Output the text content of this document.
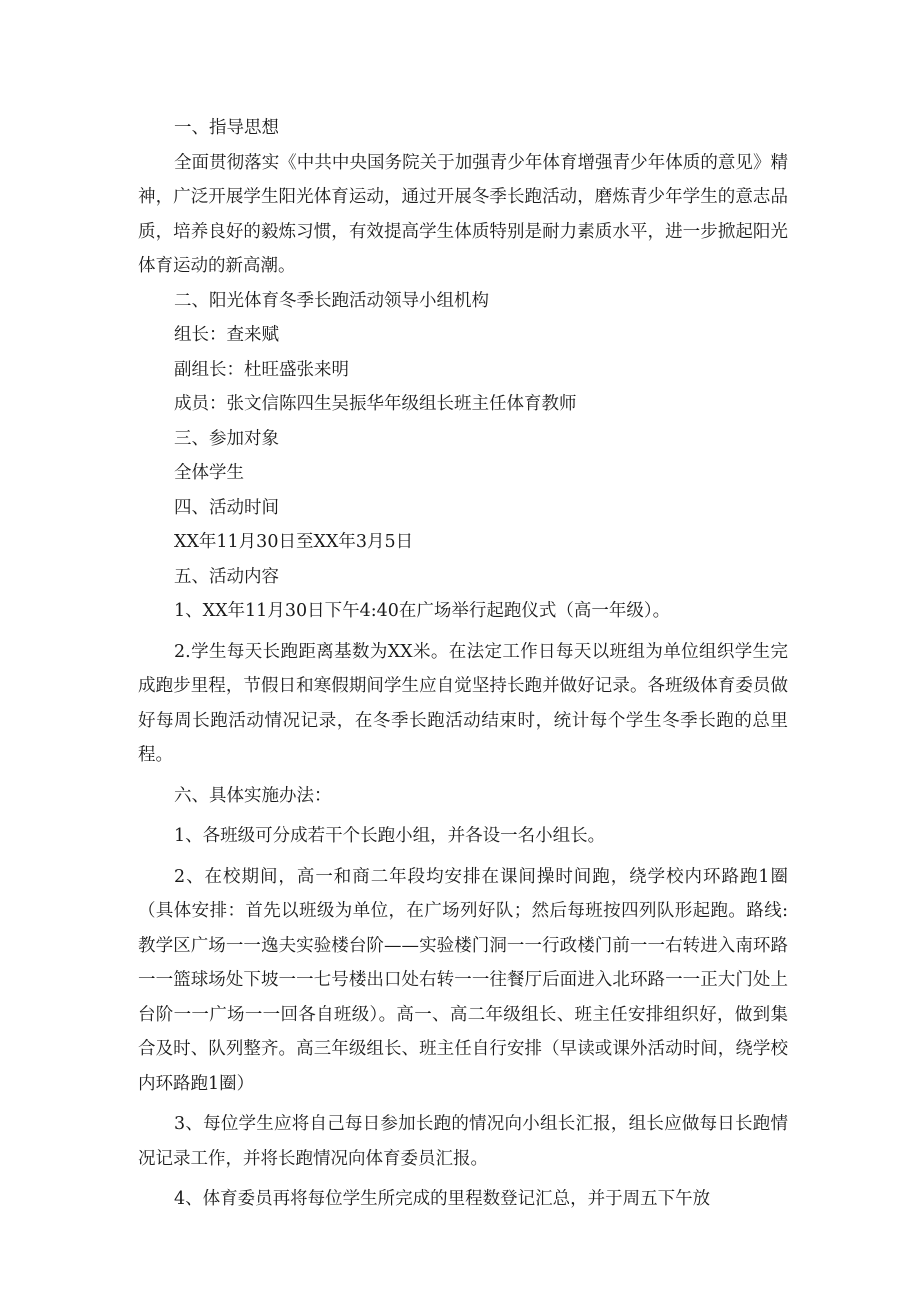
一、指导思想

全面贯彻落实《中共中央国务院关于加强青少年体育增强青少年体质的意见》精神，广泛开展学生阳光体育运动，通过开展冬季长跑活动，磨炼青少年学生的意志品质，培养良好的毅炼习惯，有效提高学生体质特别是耐力素质水平，进一步掀起阳光体育运动的新高潮。

二、阳光体育冬季长跑活动领导小组机构

组长：查来赋

副组长：杜旺盛张来明

成员：张文信陈四生吴振华年级组长班主任体育教师

三、参加对象

全体学生

四、活动时间

XX年11月30日至XX年3月5日

五、活动内容

1、XX年11月30日下午4:40在广场举行起跑仪式（高一年级）。

2.学生每天长跑距离基数为XX米。在法定工作日每天以班组为单位组织学生完成跑步里程，节假日和寒假期间学生应自觉坚持长跑并做好记录。各班级体育委员做好每周长跑活动情况记录，在冬季长跑活动结束时，统计每个学生冬季长跑的总里程。

六、具体实施办法：

1、各班级可分成若干个长跑小组，并各设一名小组长。

2、在校期间，高一和商二年段均安排在课间操时间跑，绕学校内环路跑1圈（具体安排：首先以班级为单位，在广场列好队；然后每班按四列队形起跑。路线:教学区广场一一逸夫实验楼台阶——实验楼门洞一一行政楼门前一一右转进入南环路一一篮球场处下坡一一七号楼出口处右转一一往餐厅后面进入北环路一一正大门处上台阶一一广场一一回各自班级）。高一、高二年级组长、班主任安排组织好，做到集合及时、队列整齐。高三年级组长、班主任自行安排（早读或课外活动时间，绕学校内环路跑1圈）

3、每位学生应将自己每日参加长跑的情况向小组长汇报，组长应做每日长跑情况记录工作，并将长跑情况向体育委员汇报。

4、体育委员再将每位学生所完成的里程数登记汇总，并于周五下午放
